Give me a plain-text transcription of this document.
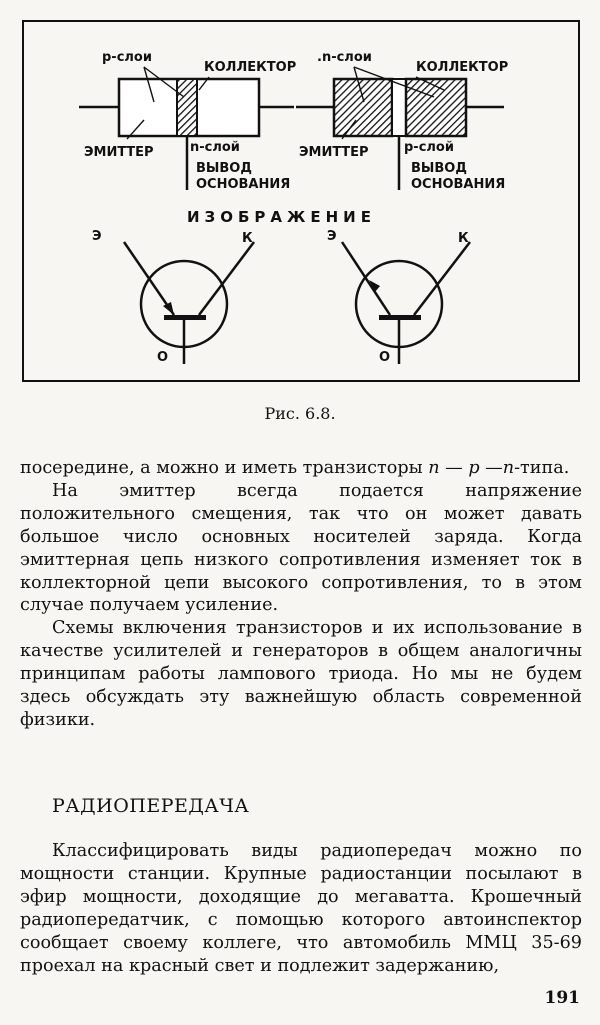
p-слои
КОЛЛЕКТОР
ЭМИТТЕР	n-слой
ВЫВОД
ОСНОВАНИЯ
.n-слои
КОЛЛЕКТОР
ЭМИТТЕР	p-слой
ВЫВОД
ОСНОВАНИЯ
ИЗОБРАЖЕНИЕ
Э	К
О
Э	К
О
Рис. 6.8.

посередине, а можно и иметь транзисторы n — p —n-типа.

На эмиттер всегда подается напряжение положительного смещения, так что он может давать большое число основных носителей заряда. Когда эмиттерная цепь низкого сопротивления изменяет ток в коллекторной цепи высокого сопротивления, то в этом случае получаем усиление.

Схемы включения транзисторов и их использование в качестве усилителей и генераторов в общем аналогичны принципам работы лампового триода. Но мы не будем здесь обсуждать эту важнейшую область современной физики.

РАДИОПЕРЕДАЧА

Классифицировать виды радиопередач можно по мощности станции. Крупные радиостанции посылают в эфир мощности, доходящие до мегаватта. Крошечный радиопередатчик, с помощью которого автоинспектор сообщает своему коллеге, что автомобиль ММЦ 35-69 проехал на красный свет и подлежит задержанию,

191
